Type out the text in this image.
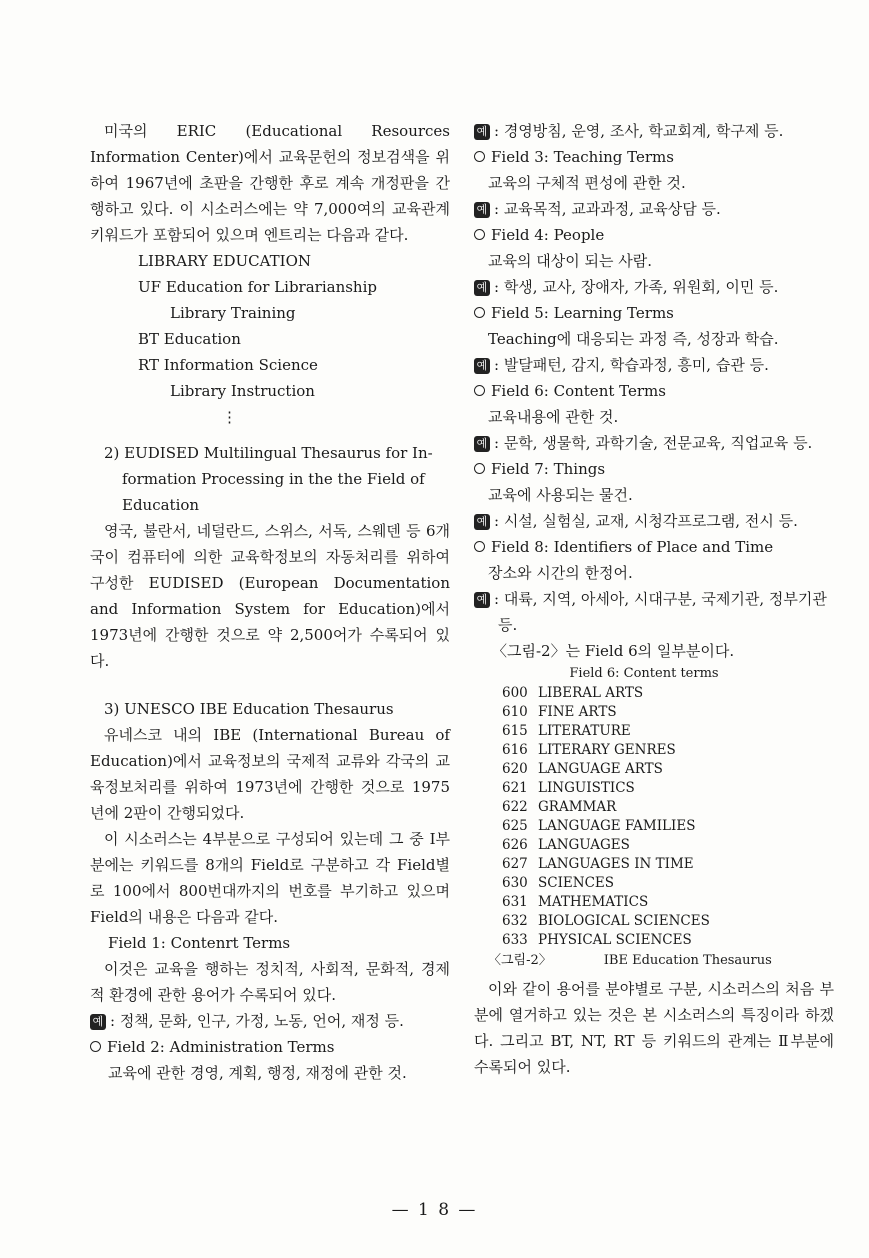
미국의 ERIC (Educational Resources Information Center)에서 교육문헌의 정보검색을 위하여 1967년에 초판을 간행한 후로 계속 개정판을 간행하고 있다. 이 시소러스에는 약 7,000여의 교육관계 키워드가 포함되어 있으며 엔트리는 다음과 같다.

LIBRARY EDUCATION
UF Education for Librarianship
Library Training
BT Education
RT Information Science
Library Instruction
⋮
2) EUDISED Multilingual Thesaurus for In-
formation Processing in the the Field of
Education

영국, 불란서, 네덜란드, 스위스, 서독, 스웨덴 등 6개국이 컴퓨터에 의한 교육학정보의 자동처리를 위하여 구성한 EUDISED (European Documentation and Information System for Education)에서 1973년에 간행한 것으로 약 2,500어가 수록되어 있다.

3) UNESCO IBE Education Thesaurus

유네스코 내의 IBE (International Bureau of Education)에서 교육정보의 국제적 교류와 각국의 교육정보처리를 위하여 1973년에 간행한 것으로 1975년에 2판이 간행되었다.

이 시소러스는 4부분으로 구성되어 있는데 그 중 I부분에는 키워드를 8개의 Field로 구분하고 각 Field별로 100에서 800번대까지의 번호를 부기하고 있으며 Field의 내용은 다음과 같다.

Field 1: Contenrt Terms

이것은 교육을 행하는 정치적, 사회적, 문화적, 경제적 환경에 관한 용어가 수록되어 있다.

예 : 정책, 문화, 인구, 가정, 노동, 언어, 재정 등.
Field 2: Administration Terms
교육에 관한 경영, 계획, 행정, 재정에 관한 것.
예 : 경영방침, 운영, 조사, 학교회계, 학구제 등.
Field 3: Teaching Terms
교육의 구체적 편성에 관한 것.
예 : 교육목적, 교과과정, 교육상담 등.
Field 4: People
교육의 대상이 되는 사람.
예 : 학생, 교사, 장애자, 가족, 위원회, 이민 등.
Field 5: Learning Terms
Teaching에 대응되는 과정 즉, 성장과 학습.
예 : 발달패턴, 감지, 학습과정, 흥미, 습관 등.
Field 6: Content Terms
교육내용에 관한 것.
예 : 문학, 생물학, 과학기술, 전문교육, 직업교육 등.
Field 7: Things
교육에 사용되는 물건.
예 : 시설, 실험실, 교재, 시청각프로그램, 전시 등.
Field 8: Identifiers of Place and Time
장소와 시간의 한정어.
예 : 대륙, 지역, 아세아, 시대구분, 국제기관, 정부기관 등.
〈그림-2〉는 Field 6의 일부분이다.
Field 6: Content terms
600 LIBERAL ARTS
610 FINE ARTS
615 LITERATURE
616 LITERARY GENRES
620 LANGUAGE ARTS
621 LINGUISTICS
622 GRAMMAR
625 LANGUAGE FAMILIES
626 LANGUAGES
627 LANGUAGES IN TIME
630 SCIENCES
631 MATHEMATICS
632 BIOLOGICAL SCIENCES
633 PHYSICAL SCIENCES
〈그림-2〉	IBE Education Thesaurus

이와 같이 용어를 분야별로 구분, 시소러스의 처음 부분에 열거하고 있는 것은 본 시소러스의 특징이라 하겠다. 그리고 BT, NT, RT 등 키워드의 관계는 Ⅱ부분에 수록되어 있다.

— 1 8 —
